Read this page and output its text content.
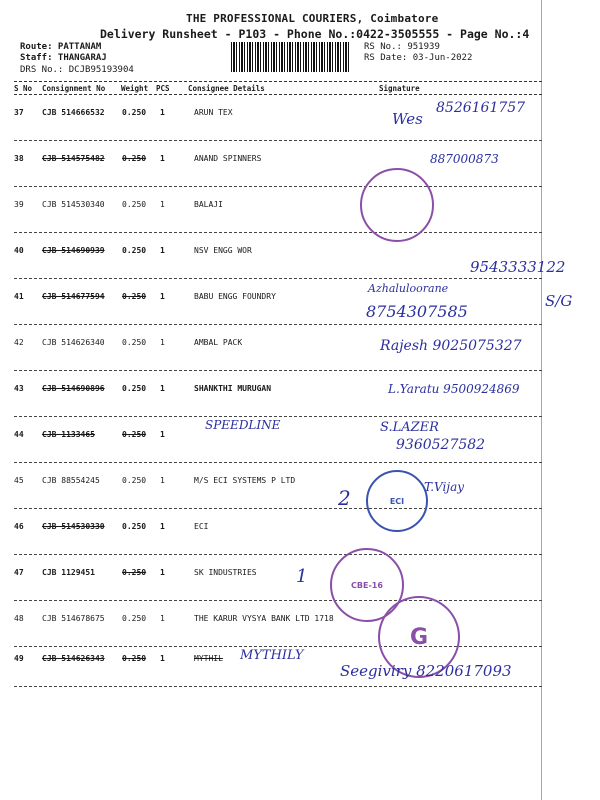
THE PROFESSIONAL COURIERS, Coimbatore
Delivery Runsheet - P103 - Phone No.:0422-3505555 - Page No.:4
Route: PATTANAM
Staff: THANGARAJ
DRS No.: DCJB95193904
RS No.: 951939
RS Date: 03-Jun-2022
S No Consignment No Weight PCS Consignee Details	Signature
37 CJB 514666532 0.250 1	ARUN TEX
38 CJB 514575482 0.250 1	ANAND SPINNERS
39 CJB 514530340 0.250 1	BALAJI
40 CJB 514690939 0.250 1	NSV ENGG WOR
41 CJB 514677594 0.250 1	BABU ENGG FOUNDRY
42 CJB 514626340 0.250 1	AMBAL PACK
43 CJB 514690896 0.250 1	SHANKTHI MURUGAN
44 CJB 1133465	0.250 1
45 CJB 88554245	0.250 1	M/S ECI SYSTEMS P LTD
46 CJB 514530330 0.250 1	ECI
47 CJB 1129451	0.250 1	SK INDUSTRIES
48 CJB 514678675 0.250 1	THE KARUR VYSYA BANK LTD 1718
49 CJB 514626343 0.250 1	MYTHIL
ECI
CBE-16
G
Wes
8526161757
887000873
9543333122
Azhaluloorane
8754307585
S/G
Rajesh 9025075327
L.Yaratu 9500924869
SPEEDLINE	S.LAZER
9360527582
2	T.Vijay
1
MYTHILY
Seegiviry 8220617093
